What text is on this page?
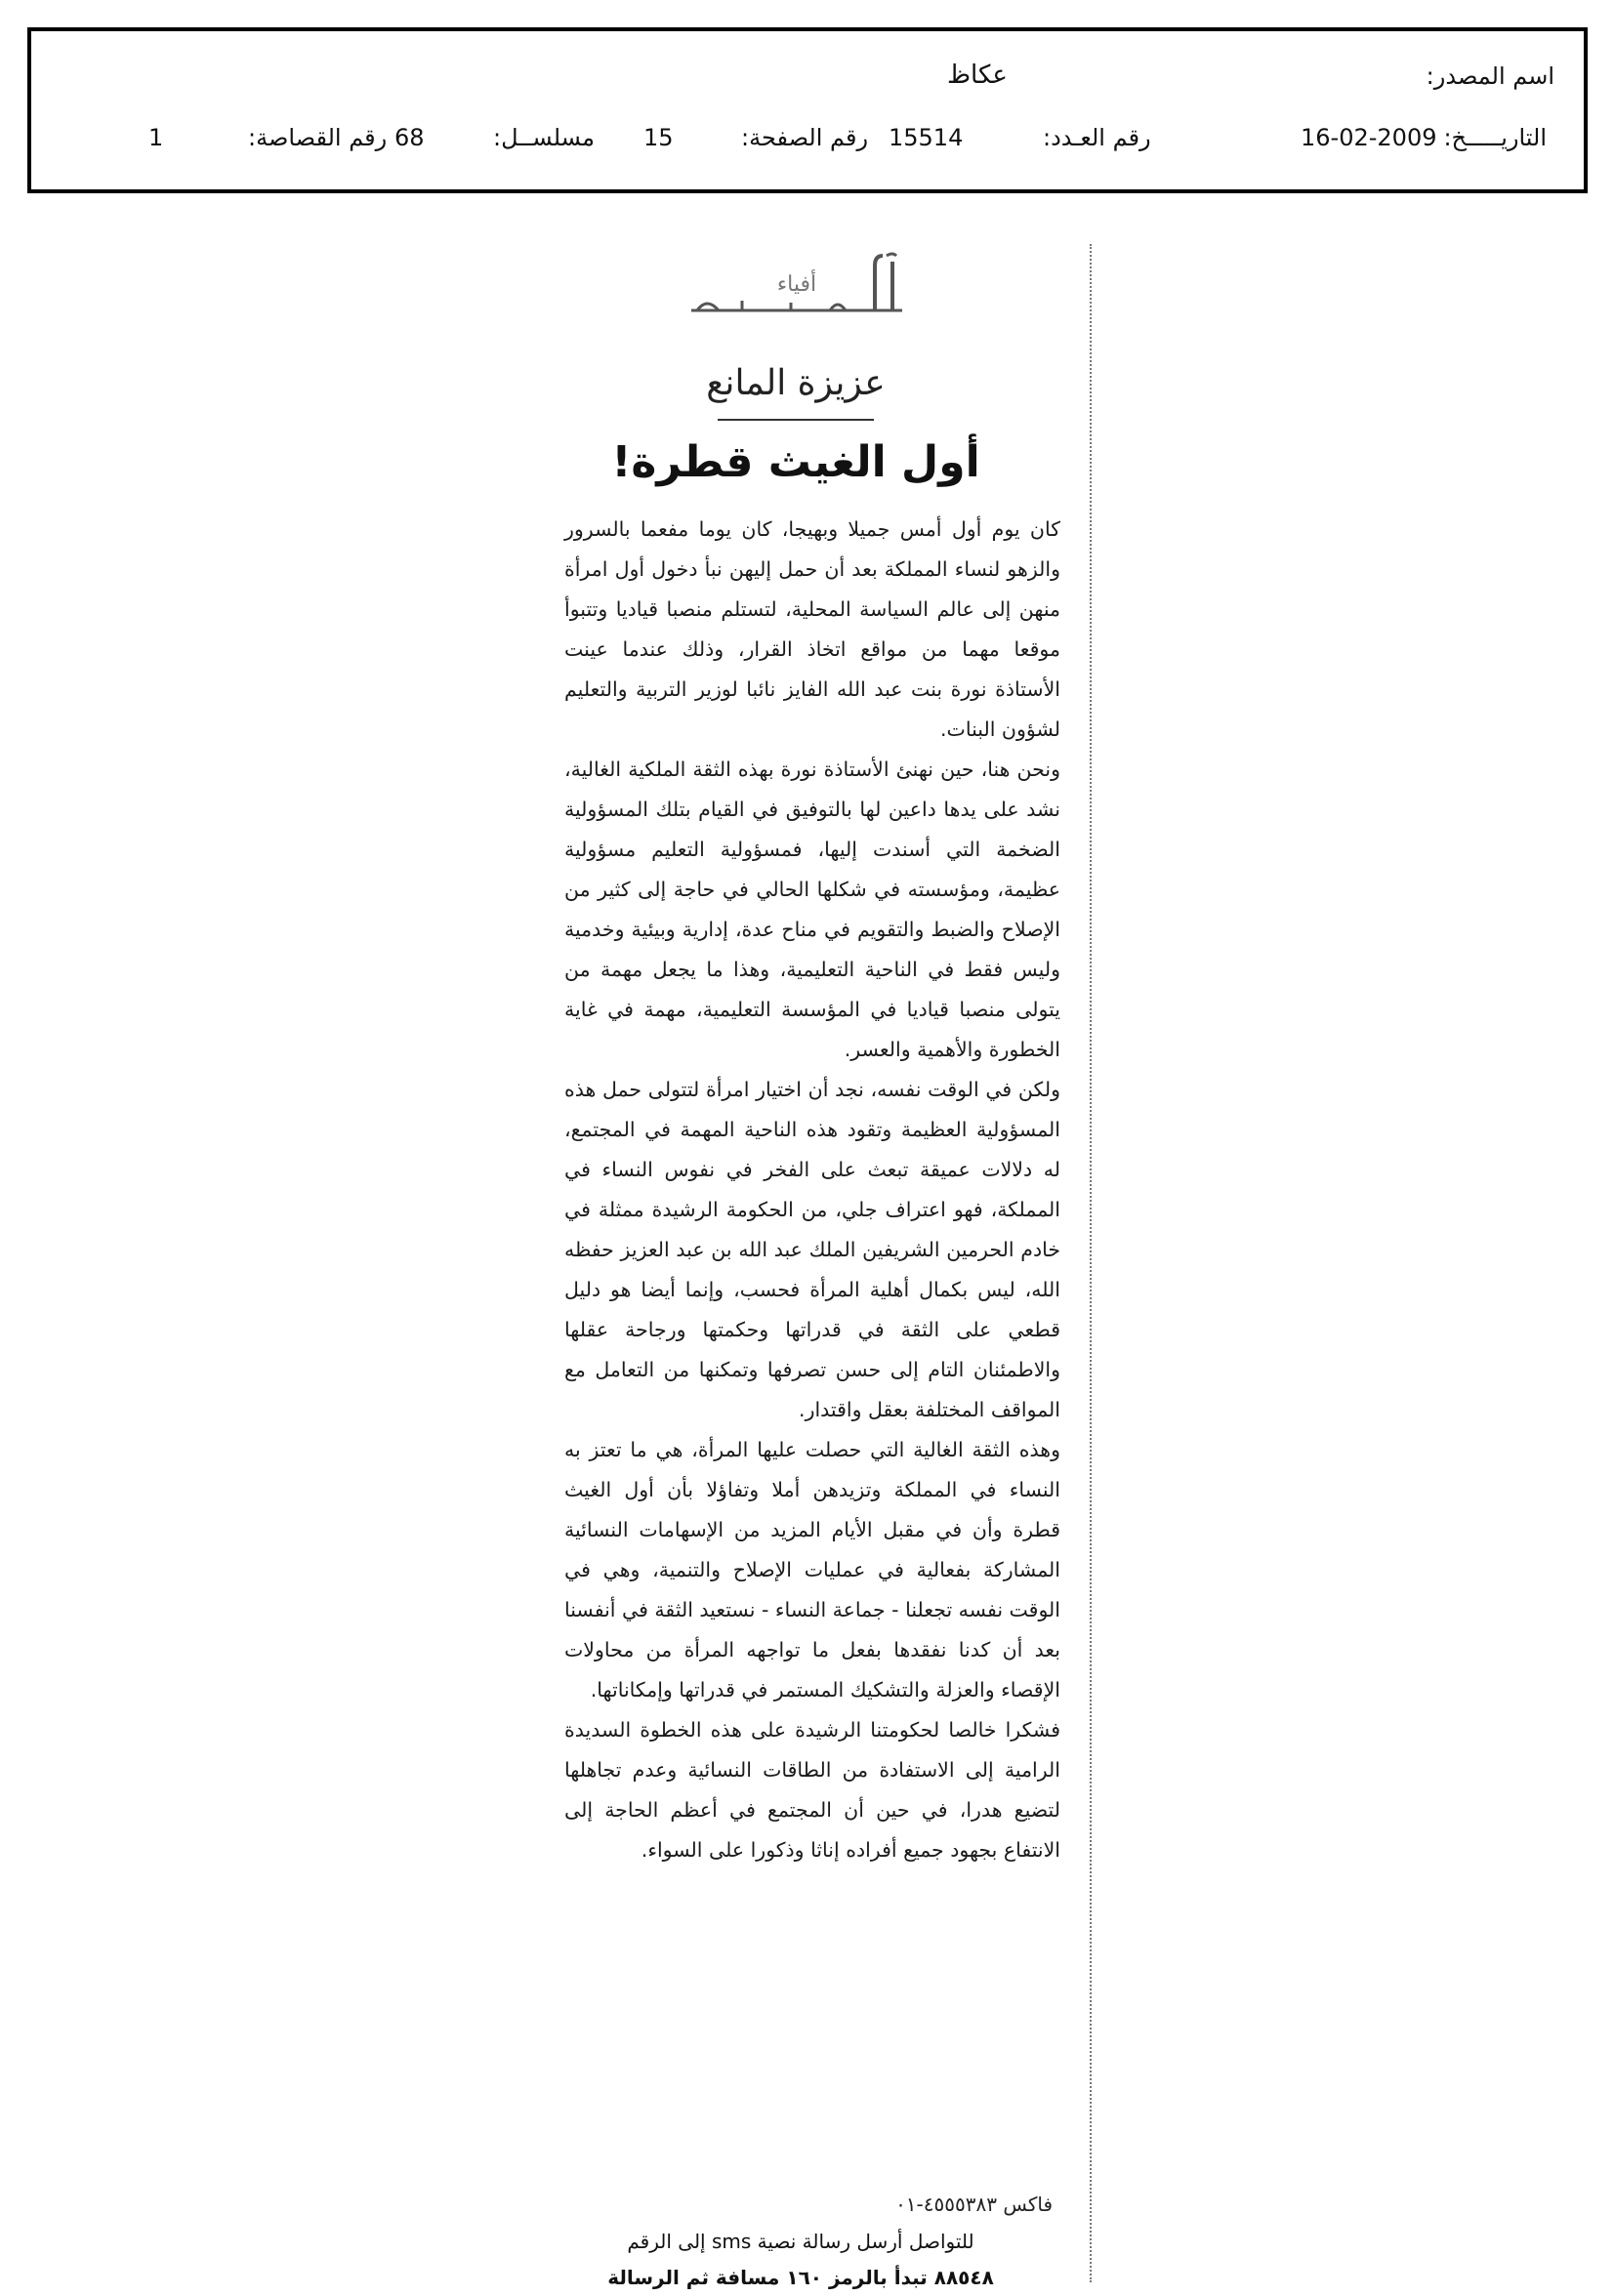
اسم المصدر:
عكاظ
التاريـــــخ:
16-02-2009
رقم العـدد:
15514
رقم الصفحة:
15
مسلســل:
68
رقم القصاصة:
1
أفياء
عزيزة المانع
أول الغيث قطرة!

كان يوم أول أمس جميلا وبهيجا، كان يوما مفعما بالسرور والزهو لنساء المملكة بعد أن حمل إليهن نبأ دخول أول امرأة منهن إلى عالم السياسة المحلية، لتستلم منصبا قياديا وتتبوأ موقعا مهما من مواقع اتخاذ القرار، وذلك عندما عينت الأستاذة نورة بنت عبد الله الفايز نائبا لوزير التربية والتعليم لشؤون البنات.

ونحن هنا، حين نهنئ الأستاذة نورة بهذه الثقة الملكية الغالية، نشد على يدها داعين لها بالتوفيق في القيام بتلك المسؤولية الضخمة التي أسندت إليها، فمسؤولية التعليم مسؤولية عظيمة، ومؤسسته في شكلها الحالي في حاجة إلى كثير من الإصلاح والضبط والتقويم في مناح عدة، إدارية وبيئية وخدمية وليس فقط في الناحية التعليمية، وهذا ما يجعل مهمة من يتولى منصبا قياديا في المؤسسة التعليمية، مهمة في غاية الخطورة والأهمية والعسر.

ولكن في الوقت نفسه، نجد أن اختيار امرأة لتتولى حمل هذه المسؤولية العظيمة وتقود هذه الناحية المهمة في المجتمع، له دلالات عميقة تبعث على الفخر في نفوس النساء في المملكة، فهو اعتراف جلي، من الحكومة الرشيدة ممثلة في خادم الحرمين الشريفين الملك عبد الله بن عبد العزيز حفظه الله، ليس بكمال أهلية المرأة فحسب، وإنما أيضا هو دليل قطعي على الثقة في قدراتها وحكمتها ورجاحة عقلها والاطمئنان التام إلى حسن تصرفها وتمكنها من التعامل مع المواقف المختلفة بعقل واقتدار.

وهذه الثقة الغالية التي حصلت عليها المرأة، هي ما تعتز به النساء في المملكة وتزيدهن أملا وتفاؤلا بأن أول الغيث قطرة وأن في مقبل الأيام المزيد من الإسهامات النسائية المشاركة بفعالية في عمليات الإصلاح والتنمية، وهي في الوقت نفسه تجعلنا - جماعة النساء - نستعيد الثقة في أنفسنا بعد أن كدنا نفقدها بفعل ما تواجهه المرأة من محاولات الإقصاء والعزلة والتشكيك المستمر في قدراتها وإمكاناتها.

فشكرا خالصا لحكومتنا الرشيدة على هذه الخطوة السديدة الرامية إلى الاستفادة من الطاقات النسائية وعدم تجاهلها لتضيع هدرا، في حين أن المجتمع في أعظم الحاجة إلى الانتفاع بجهود جميع أفراده إناثا وذكورا على السواء.

فاكس ٤٥٥٥٣٨٣-٠١
للتواصل أرسل رسالة نصية sms إلى الرقم
٨٨٥٤٨ تبدأ بالرمز ١٦٠ مسافة ثم الرسالة
